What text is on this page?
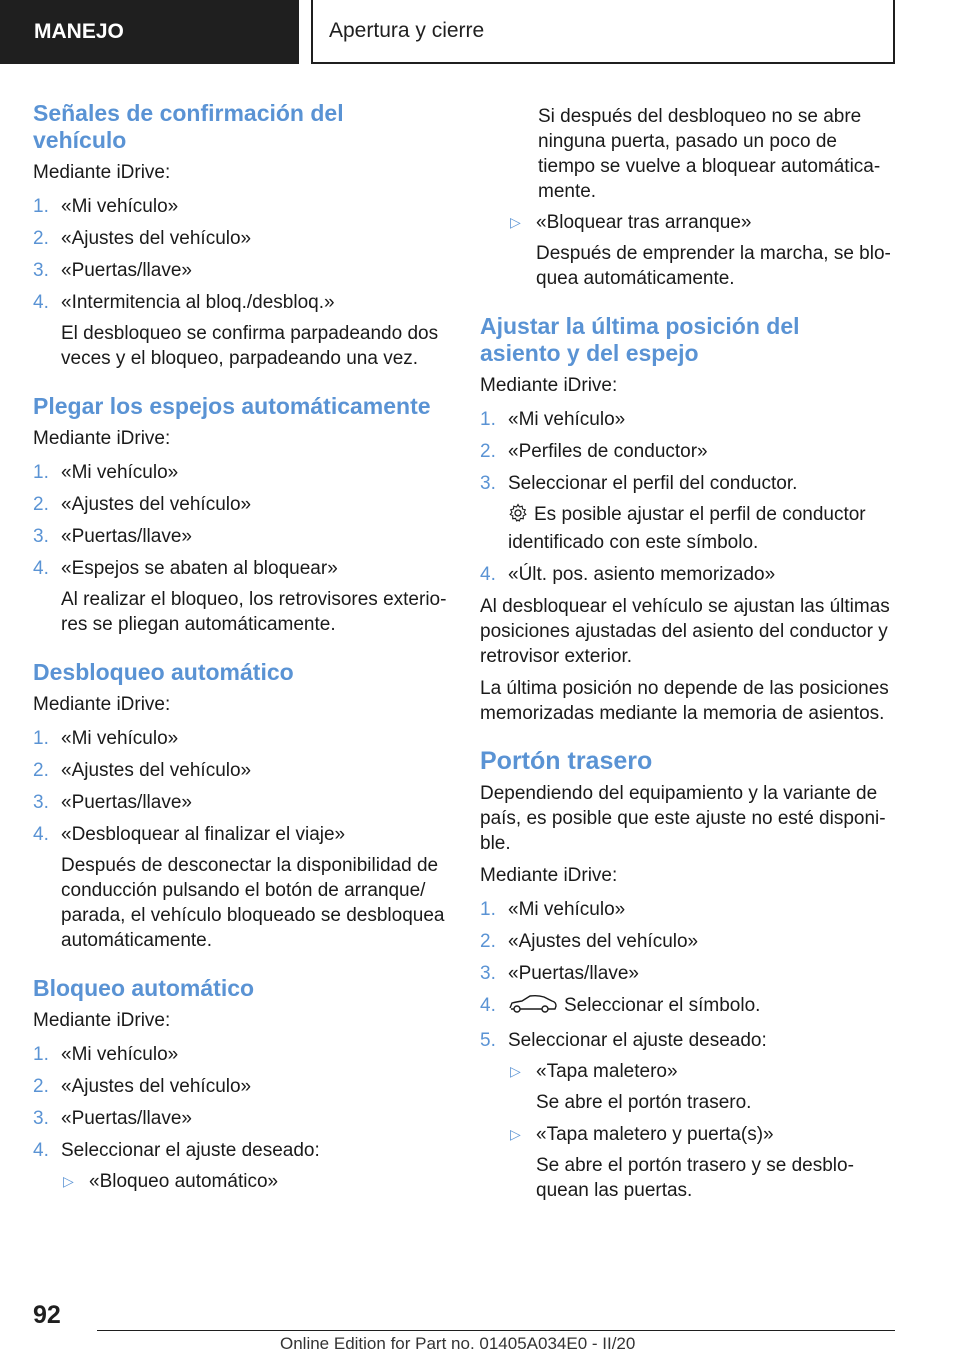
MANEJO	Apertura y cierre
Señales de confirmación del
vehículo

Mediante iDrive:

1. «Mi vehículo»
2. «Ajustes del vehículo»
3. «Puertas/llave»
4. «Intermitencia al bloq./desbloq.»
El desbloqueo se confirma parpadeando dos veces y el bloqueo, parpadeando una vez.
Plegar los espejos automáticamente

Mediante iDrive:

1. «Mi vehículo»
2. «Ajustes del vehículo»
3. «Puertas/llave»
4. «Espejos se abaten al bloquear»
Al realizar el bloqueo, los retrovisores exterio‐ res se pliegan automáticamente.
Desbloqueo automático

Mediante iDrive:

1. «Mi vehículo»
2. «Ajustes del vehículo»
3. «Puertas/llave»
4. «Desbloquear al finalizar el viaje»
Después de desconectar la disponibilidad de conducción pulsando el botón de arranque/ parada, el vehículo bloqueado se desbloquea automáticamente.
Bloqueo automático

Mediante iDrive:

1. «Mi vehículo»
2. «Ajustes del vehículo»
3. «Puertas/llave»
4. Seleccionar el ajuste deseado:
▷ «Bloqueo automático»

Si después del desbloqueo no se abre ninguna puerta, pasado un poco de tiempo se vuelve a bloquear automática‐ mente.

▷ «Bloquear tras arranque»
Después de emprender la marcha, se blo‐ quea automáticamente.
Ajustar la última posición del
asiento y del espejo

Mediante iDrive:

1. «Mi vehículo»
2. «Perfiles de conductor»
3. Seleccionar el perfil del conductor.
Es posible ajustar el perfil de conductor identificado con este símbolo.
4. «Últ. pos. asiento memorizado»

Al desbloquear el vehículo se ajustan las últimas posiciones ajustadas del asiento del conductor y retrovisor exterior.

La última posición no depende de las posiciones memorizadas mediante la memoria de asientos.

Portón trasero

Dependiendo del equipamiento y la variante de país, es posible que este ajuste no esté disponi‐ ble.

Mediante iDrive:

1. «Mi vehículo»
2. «Ajustes del vehículo»
3. «Puertas/llave»
4.	Seleccionar el símbolo.
5. Seleccionar el ajuste deseado:
▷ «Tapa maletero»
Se abre el portón trasero.
▷ «Tapa maletero y puerta(s)»
Se abre el portón trasero y se desblo‐ quean las puertas.
92
Online Edition for Part no. 01405A034E0 - II/20
